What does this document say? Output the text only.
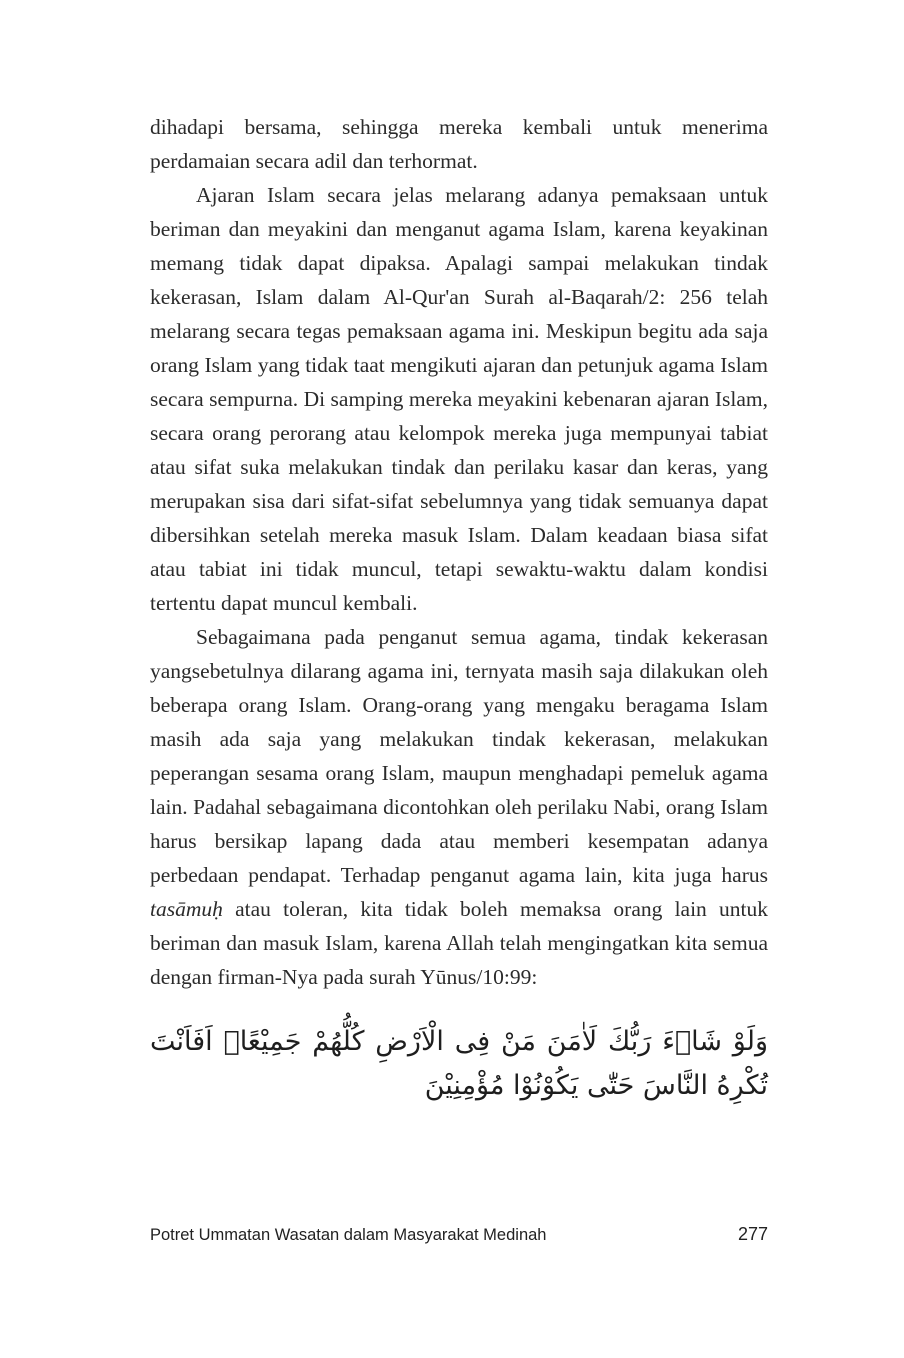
dihadapi bersama, sehingga mereka kembali untuk menerima perdamaian secara adil dan terhormat.

Ajaran Islam secara jelas melarang adanya pemaksaan untuk beriman dan meyakini dan menganut agama Islam, karena keyakinan memang tidak dapat dipaksa. Apalagi sampai melakukan tindak kekerasan, Islam dalam Al-Qur'an Surah al-Baqarah/2: 256 telah melarang secara tegas pemaksaan agama ini. Meskipun begitu ada saja orang Islam yang tidak taat mengikuti ajaran dan petunjuk agama Islam secara sempurna. Di samping mereka meyakini kebenaran ajaran Islam, secara orang perorang atau kelompok mereka juga mempunyai tabiat atau sifat suka melakukan tindak dan perilaku kasar dan keras, yang merupakan sisa dari sifat-sifat sebelumnya yang tidak semuanya dapat dibersihkan setelah mereka masuk Islam. Dalam keadaan biasa sifat atau tabiat ini tidak muncul, tetapi sewaktu-waktu dalam kondisi tertentu dapat muncul kembali.

Sebagaimana pada penganut semua agama, tindak kekerasan yangsebetulnya dilarang agama ini, ternyata masih saja dilakukan oleh beberapa orang Islam. Orang-orang yang mengaku beragama Islam masih ada saja yang melakukan tindak kekerasan, melakukan peperangan sesama orang Islam, maupun menghadapi pemeluk agama lain. Padahal sebagaimana dicontohkan oleh perilaku Nabi, orang Islam harus bersikap lapang dada atau memberi kesempatan adanya perbedaan pendapat. Terhadap penganut agama lain, kita juga harus tasāmuḥ atau toleran, kita tidak boleh memaksa orang lain untuk beriman dan masuk Islam, karena Allah telah mengingatkan kita semua dengan firman-Nya pada surah Yūnus/10:99:

وَلَوْ شَاۤءَ رَبُّكَ لَاٰمَنَ مَنْ فِى الْاَرْضِ كُلُّهُمْ جَمِيْعًاۗ اَفَاَنْتَ تُكْرِهُ النَّاسَ حَتّٰى يَكُوْنُوْا مُؤْمِنِيْنَ
Potret Ummatan Wasatan dalam Masyarakat Medinah	277
